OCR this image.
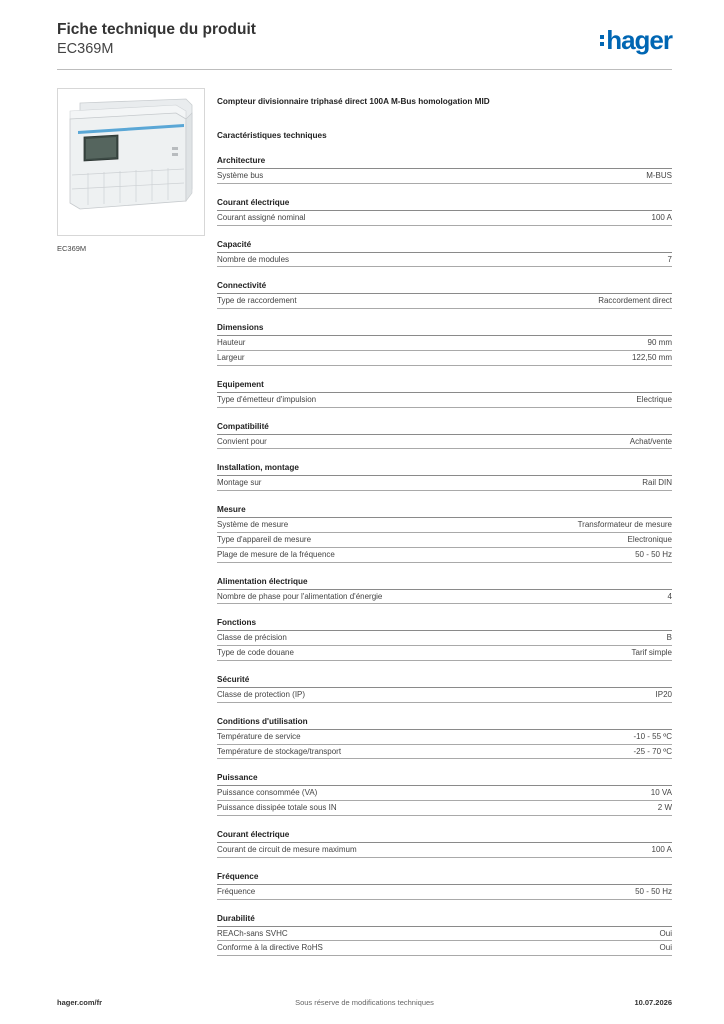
Fiche technique du produit
EC369M	hager
EC369M
Compteur divisionnaire triphasé direct 100A M-Bus homologation MID
Caractéristiques techniques
Architecture
Système bus	M-BUS
Courant électrique
Courant assigné nominal	100 A
Capacité
Nombre de modules	7
Connectivité
Type de raccordement	Raccordement direct
Dimensions
Hauteur	90 mm
Largeur	122,50 mm
Equipement
Type d'émetteur d'impulsion	Electrique
Compatibilité
Convient pour	Achat/vente
Installation, montage
Montage sur	Rail DIN
Mesure
Système de mesure	Transformateur de mesure
Type d'appareil de mesure	Electronique
Plage de mesure de la fréquence	50 - 50 Hz
Alimentation électrique
Nombre de phase pour l'alimentation d'énergie	4
Fonctions
Classe de précision	B
Type de code douane	Tarif simple
Sécurité
Classe de protection (IP)	IP20
Conditions d'utilisation
Température de service	-10 - 55 ºC
Température de stockage/transport	-25 - 70 ºC
Puissance
Puissance consommée (VA)	10 VA
Puissance dissipée totale sous IN	2 W
Courant électrique
Courant de circuit de mesure maximum	100 A
Fréquence
Fréquence	50 - 50 Hz
Durabilité
REACh-sans SVHC	Oui
Conforme à la directive RoHS	Oui
hager.com/fr	Sous réserve de modifications techniques	10.07.2026
